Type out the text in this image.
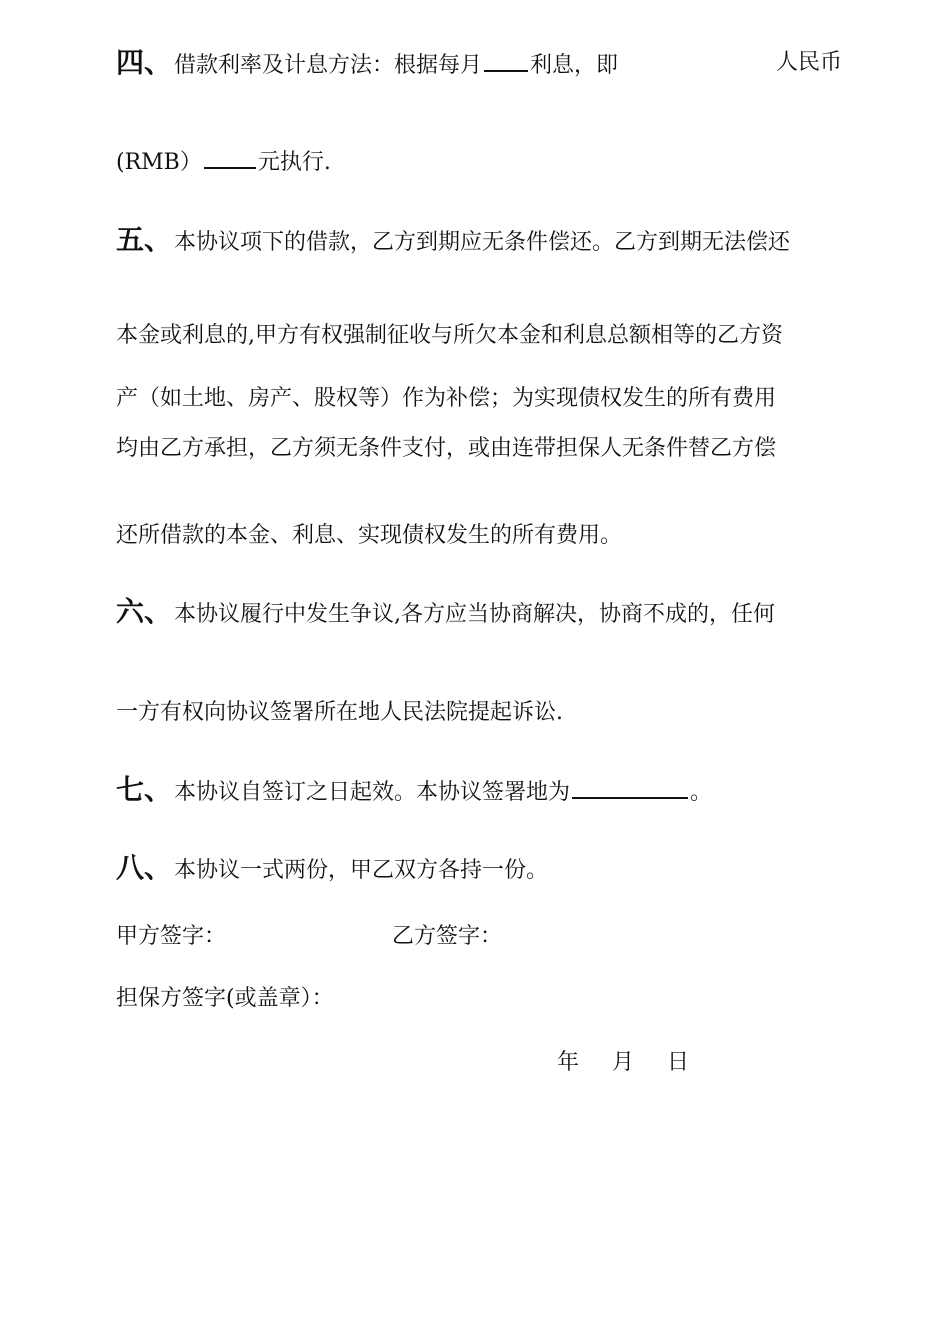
四、借款利率及计息方法：根据每月 利息，即	人民币
(RMB）	元执行.
五、本协议项下的借款，乙方到期应无条件偿还。乙方到期无法偿还
本金或利息的,甲方有权强制征收与所欠本金和利息总额相等的乙方资
产（如土地、房产、股权等）作为补偿；为实现债权发生的所有费用
均由乙方承担，乙方须无条件支付，或由连带担保人无条件替乙方偿
还所借款的本金、利息、实现债权发生的所有费用。
六、本协议履行中发生争议,各方应当协商解决，协商不成的，任何
一方有权向协议签署所在地人民法院提起诉讼.
七、本协议自签订之日起效。本协议签署地为	。
八、本协议一式两份，甲乙双方各持一份。
甲方签字：	乙方签字：
担保方签字(或盖章）：
年 月 日
